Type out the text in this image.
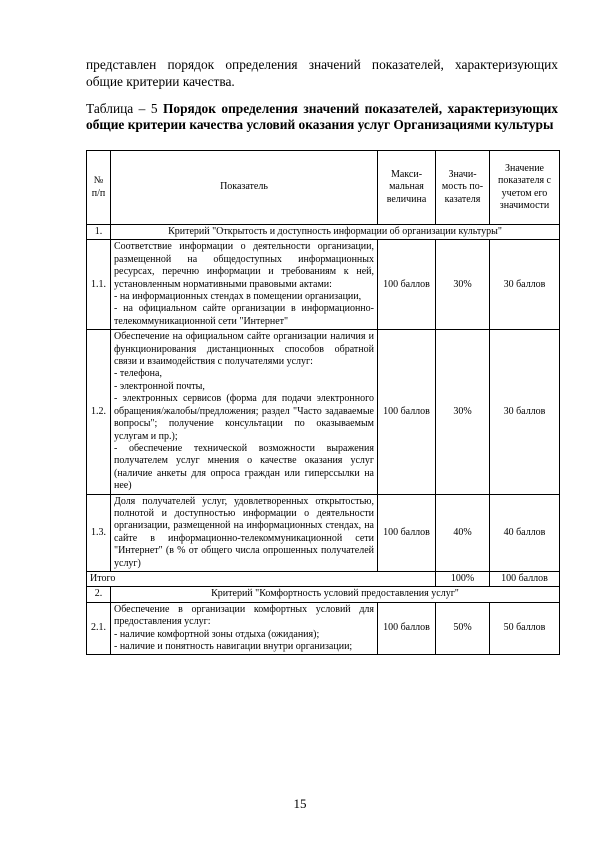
представлен порядок определения значений показателей, характеризующих общие критерии качества.
Таблица – 5 Порядок определения значений показателей, характеризующих общие критерии качества условий оказания услуг Организациями культуры
№ п/п	Показатель	Макси-мальная величина	Значи-мость по-казателя	Значение показателя с учетом его значимости
1.	Критерий "Открытость и доступность информации об организации культуры"			
1.1.	Соответствие информации о деятельности организации, размещенной на общедоступных информационных ресурсах, перечню информации и требованиям к ней, установленным нормативными правовыми актами:
- на информационных стендах в помещении организации,
- на официальном сайте организации в информационно-телекоммуникационной сети "Интернет"	100 баллов	30%	30 баллов
1.2.	Обеспечение на официальном сайте организации наличия и функционирования дистанционных способов обратной связи и взаимодействия с получателями услуг:
- телефона,
- электронной почты,
- электронных сервисов (форма для подачи электронного обращения/жалобы/предложения; раздел "Часто задаваемые вопросы"; получение консультации по оказываемым услугам и пр.);
- обеспечение технической возможности выражения получателем услуг мнения о качестве оказания услуг (наличие анкеты для опроса граждан или гиперссылки на нее)	100 баллов	30%	30 баллов
1.3.	Доля получателей услуг, удовлетворенных открытостью, полнотой и доступностью информации о деятельности организации, размещенной на информационных стендах, на сайте в информационно-телекоммуникационной сети "Интернет" (в % от общего числа опрошенных получателей услуг)	100 баллов	40%	40 баллов
Итого			100%	100 баллов
2.	Критерий "Комфортность условий предоставления услуг"			
2.1.	Обеспечение в организации комфортных условий для предоставления услуг:
- наличие комфортной зоны отдыха (ожидания);
- наличие и понятность навигации внутри организации;	100 баллов	50%	50 баллов
15
